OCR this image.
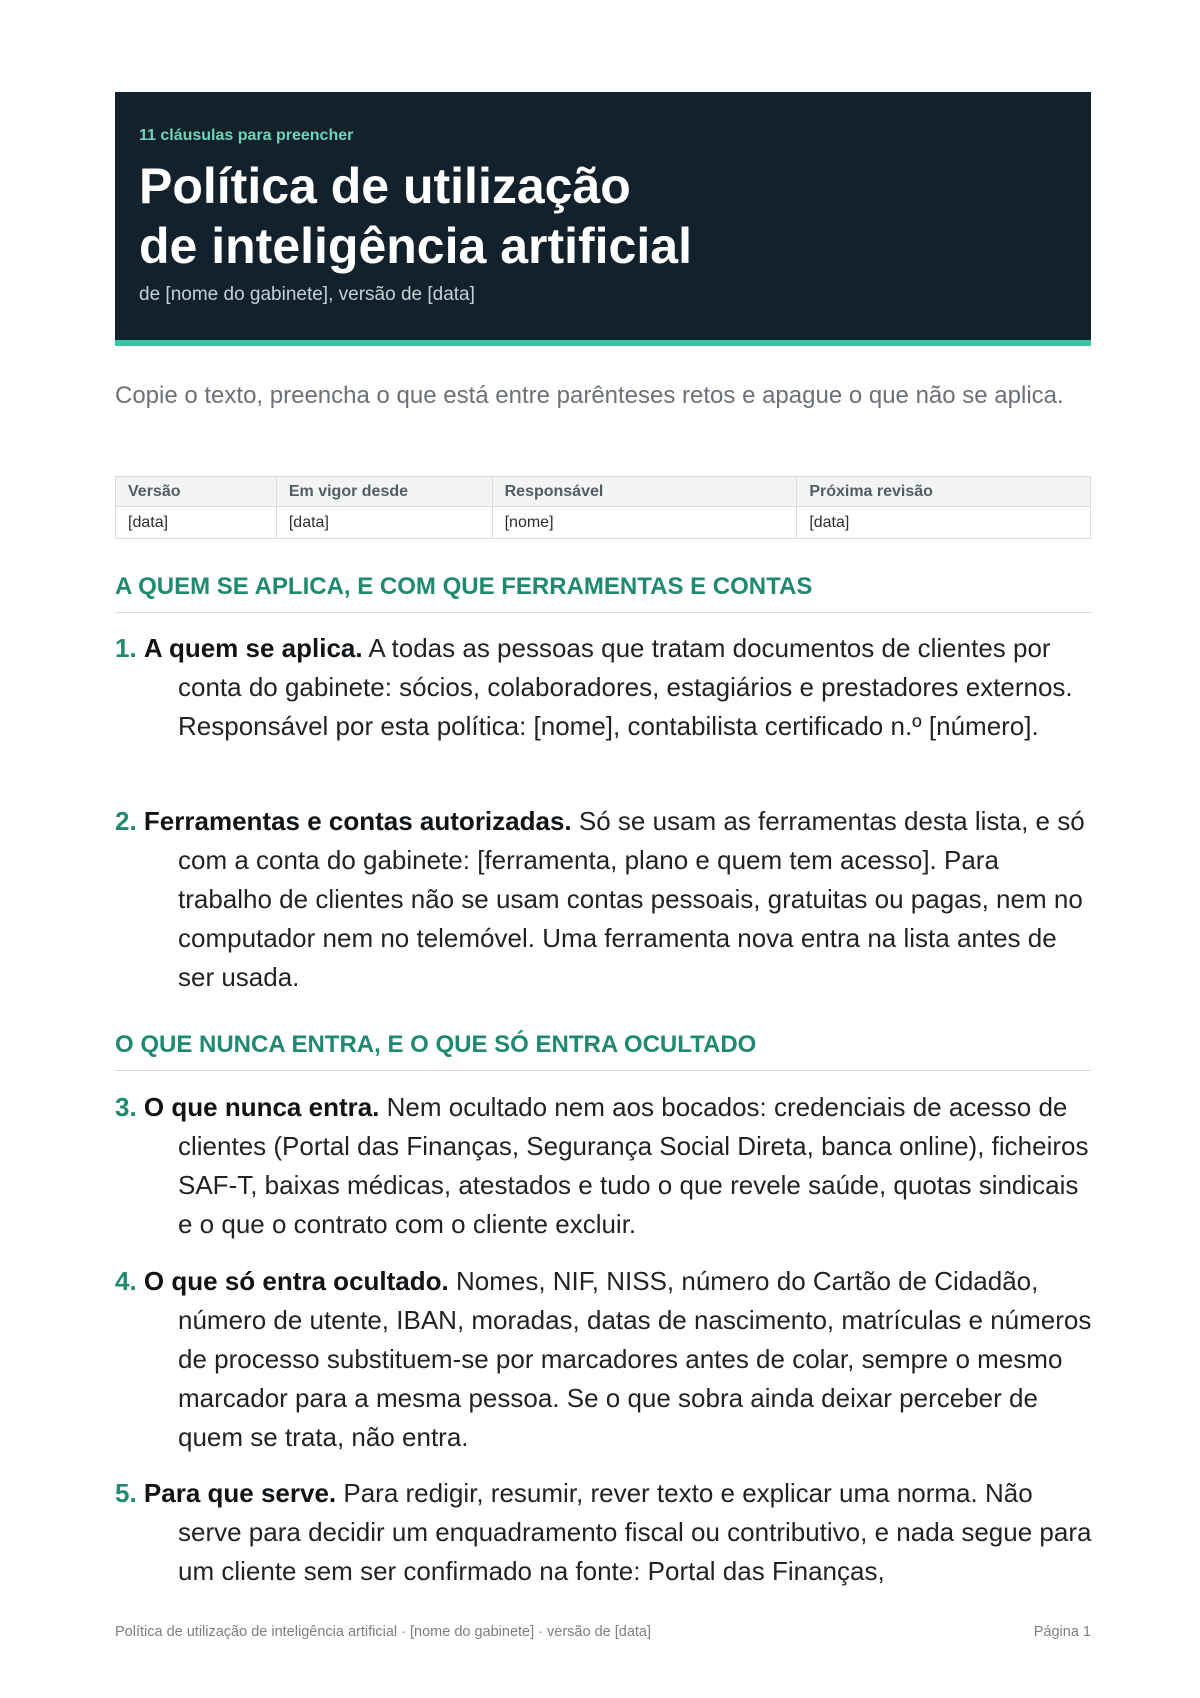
11 cláusulas para preencher
Política de utilização
de inteligência artificial
de [nome do gabinete], versão de [data]
Copie o texto, preencha o que está entre parênteses retos e apague o que não se aplica.
Versão	Em vigor desde	Responsável	Próxima revisão
[data]	[data]	[nome]	[data]
A QUEM SE APLICA, E COM QUE FERRAMENTAS E CONTAS
1. A quem se aplica. A todas as pessoas que tratam documentos de clientes por conta do gabinete: sócios, colaboradores, estagiários e prestadores externos. Responsável por esta política: [nome], contabilista certificado n.º [número].
2. Ferramentas e contas autorizadas. Só se usam as ferramentas desta lista, e só com a conta do gabinete: [ferramenta, plano e quem tem acesso]. Para trabalho de clientes não se usam contas pessoais, gratuitas ou pagas, nem no computador nem no telemóvel. Uma ferramenta nova entra na lista antes de ser usada.
O QUE NUNCA ENTRA, E O QUE SÓ ENTRA OCULTADO
3. O que nunca entra. Nem ocultado nem aos bocados: credenciais de acesso de clientes (Portal das Finanças, Segurança Social Direta, banca online), ficheiros SAF-T, baixas médicas, atestados e tudo o que revele saúde, quotas sindicais e o que o contrato com o cliente excluir.
4. O que só entra ocultado. Nomes, NIF, NISS, número do Cartão de Cidadão, número de utente, IBAN, moradas, datas de nascimento, matrículas e números de processo substituem-se por marcadores antes de colar, sempre o mesmo marcador para a mesma pessoa. Se o que sobra ainda deixar perceber de quem se trata, não entra.
5. Para que serve. Para redigir, resumir, rever texto e explicar uma norma. Não serve para decidir um enquadramento fiscal ou contributivo, e nada segue para um cliente sem ser confirmado na fonte: Portal das Finanças,
Política de utilização de inteligência artificial · [nome do gabinete] · versão de [data]	Página 1
